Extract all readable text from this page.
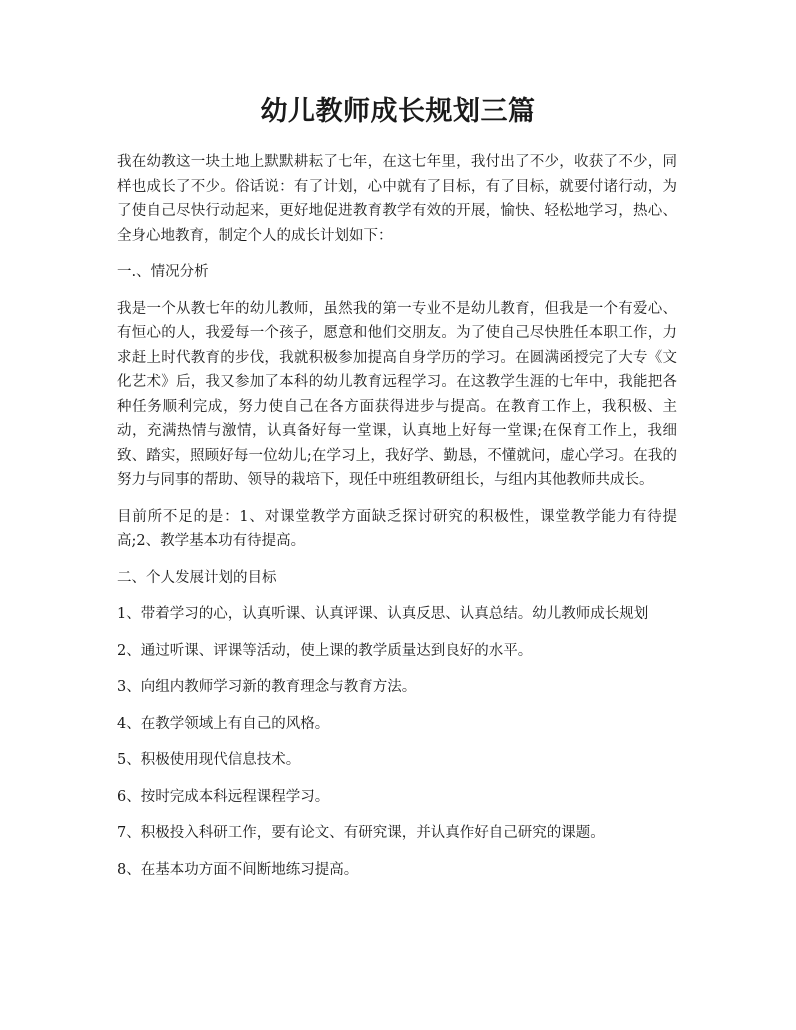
幼儿教师成长规划三篇

我在幼教这一块土地上默默耕耘了七年，在这七年里，我付出了不少，收获了不少，同样也成长了不少。俗话说：有了计划，心中就有了目标，有了目标，就要付诸行动，为了使自己尽快行动起来，更好地促进教育教学有效的开展，愉快、轻松地学习，热心、全身心地教育，制定个人的成长计划如下：

一.、情况分析

我是一个从教七年的幼儿教师，虽然我的第一专业不是幼儿教育，但我是一个有爱心、有恒心的人，我爱每一个孩子，愿意和他们交朋友。为了使自己尽快胜任本职工作，力求赶上时代教育的步伐，我就积极参加提高自身学历的学习。在圆满函授完了大专《文化艺术》后，我又参加了本科的幼儿教育远程学习。在这教学生涯的七年中，我能把各种任务顺利完成，努力使自己在各方面获得进步与提高。在教育工作上，我积极、主动，充满热情与激情，认真备好每一堂课，认真地上好每一堂课;在保育工作上，我细致、踏实，照顾好每一位幼儿;在学习上，我好学、勤恳，不懂就问，虚心学习。在我的努力与同事的帮助、领导的栽培下，现任中班组教研组长，与组内其他教师共成长。

目前所不足的是：1、对课堂教学方面缺乏探讨研究的积极性，课堂教学能力有待提高;2、教学基本功有待提高。

二、个人发展计划的目标

1、带着学习的心，认真听课、认真评课、认真反思、认真总结。幼儿教师成长规划

2、通过听课、评课等活动，使上课的教学质量达到良好的水平。

3、向组内教师学习新的教育理念与教育方法。

4、在教学领域上有自己的风格。

5、积极使用现代信息技术。

6、按时完成本科远程课程学习。

7、积极投入科研工作，要有论文、有研究课，并认真作好自己研究的课题。

8、在基本功方面不间断地练习提高。
